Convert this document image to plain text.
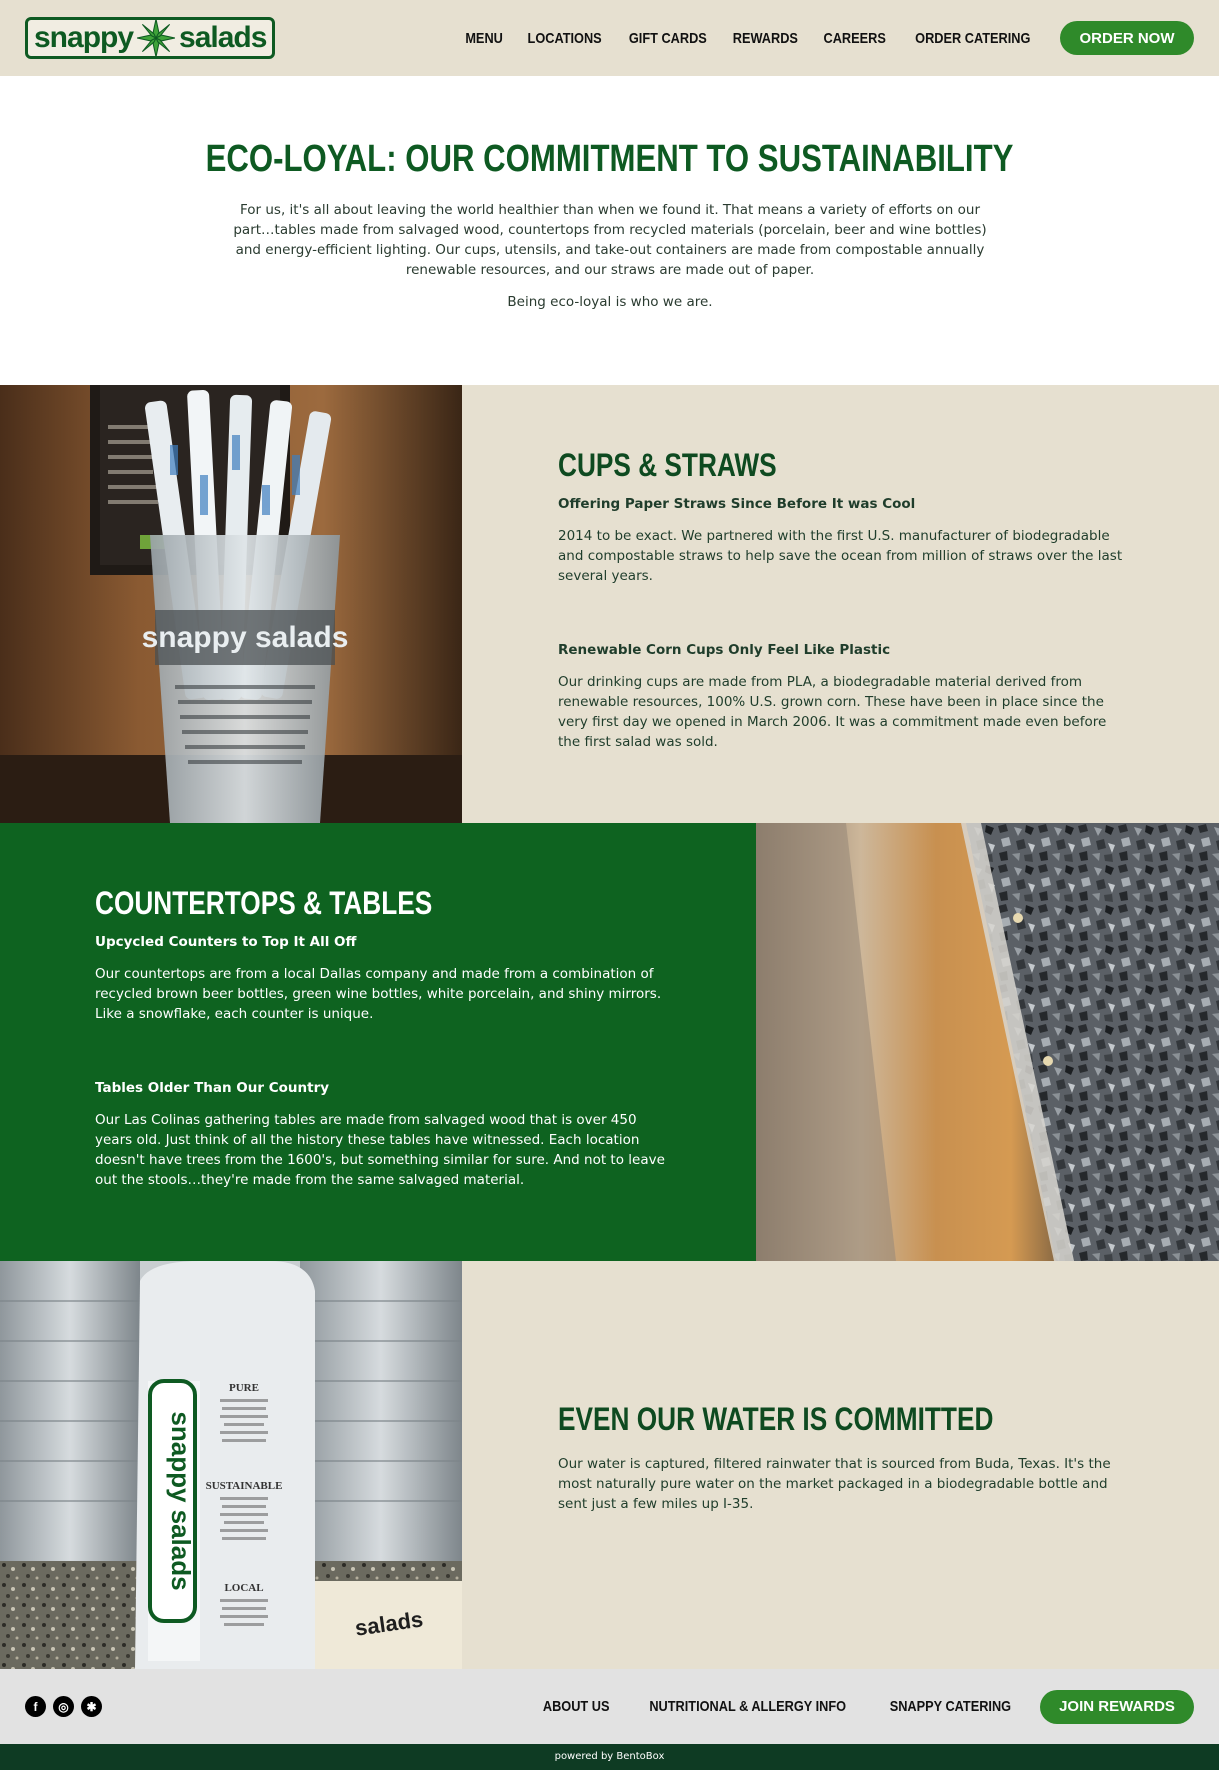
snappy salads	MENU LOCATIONS GIFT CARDS REWARDS CAREERS ORDER CATERING	ORDER NOW
ECO-LOYAL: OUR COMMITMENT TO SUSTAINABILITY

For us, it's all about leaving the world healthier than when we found it. That means a variety of efforts on our part…tables made from salvaged wood, countertops from recycled materials (porcelain, beer and wine bottles) and energy-efficient lighting. Our cups, utensils, and take-out containers are made from compostable annually renewable resources, and our straws are made out of paper.

Being eco-loyal is who we are.

snappy salads
CUPS & STRAWS

Offering Paper Straws Since Before It was Cool

2014 to be exact. We partnered with the first U.S. manufacturer of biodegradable and compostable straws to help save the ocean from million of straws over the last several years.

Renewable Corn Cups Only Feel Like Plastic

Our drinking cups are made from PLA, a biodegradable material derived from renewable resources, 100% U.S. grown corn. These have been in place since the very first day we opened in March 2006. It was a commitment made even before the first salad was sold.

COUNTERTOPS & TABLES

Upcycled Counters to Top It All Off

Our countertops are from a local Dallas company and made from a combination of recycled brown beer bottles, green wine bottles, white porcelain, and shiny mirrors. Like a snowflake, each counter is unique.

Tables Older Than Our Country

Our Las Colinas gathering tables are made from salvaged wood that is over 450 years old. Just think of all the history these tables have witnessed. Each location doesn't have trees from the 1600's, but something similar for sure. And not to leave out the stools…they're made from the same salvaged material.

salads
snappy salads
PURE
SUSTAINABLE
LOCAL
EVEN OUR WATER IS COMMITTED

Our water is captured, filtered rainwater that is sourced from Buda, Texas. It's the most naturally pure water on the market packaged in a biodegradable bottle and sent just a few miles up I-35.

f	◎	✱	ABOUT US	NUTRITIONAL & ALLERGY INFO	SNAPPY CATERING	JOIN REWARDS
powered by BentoBox
